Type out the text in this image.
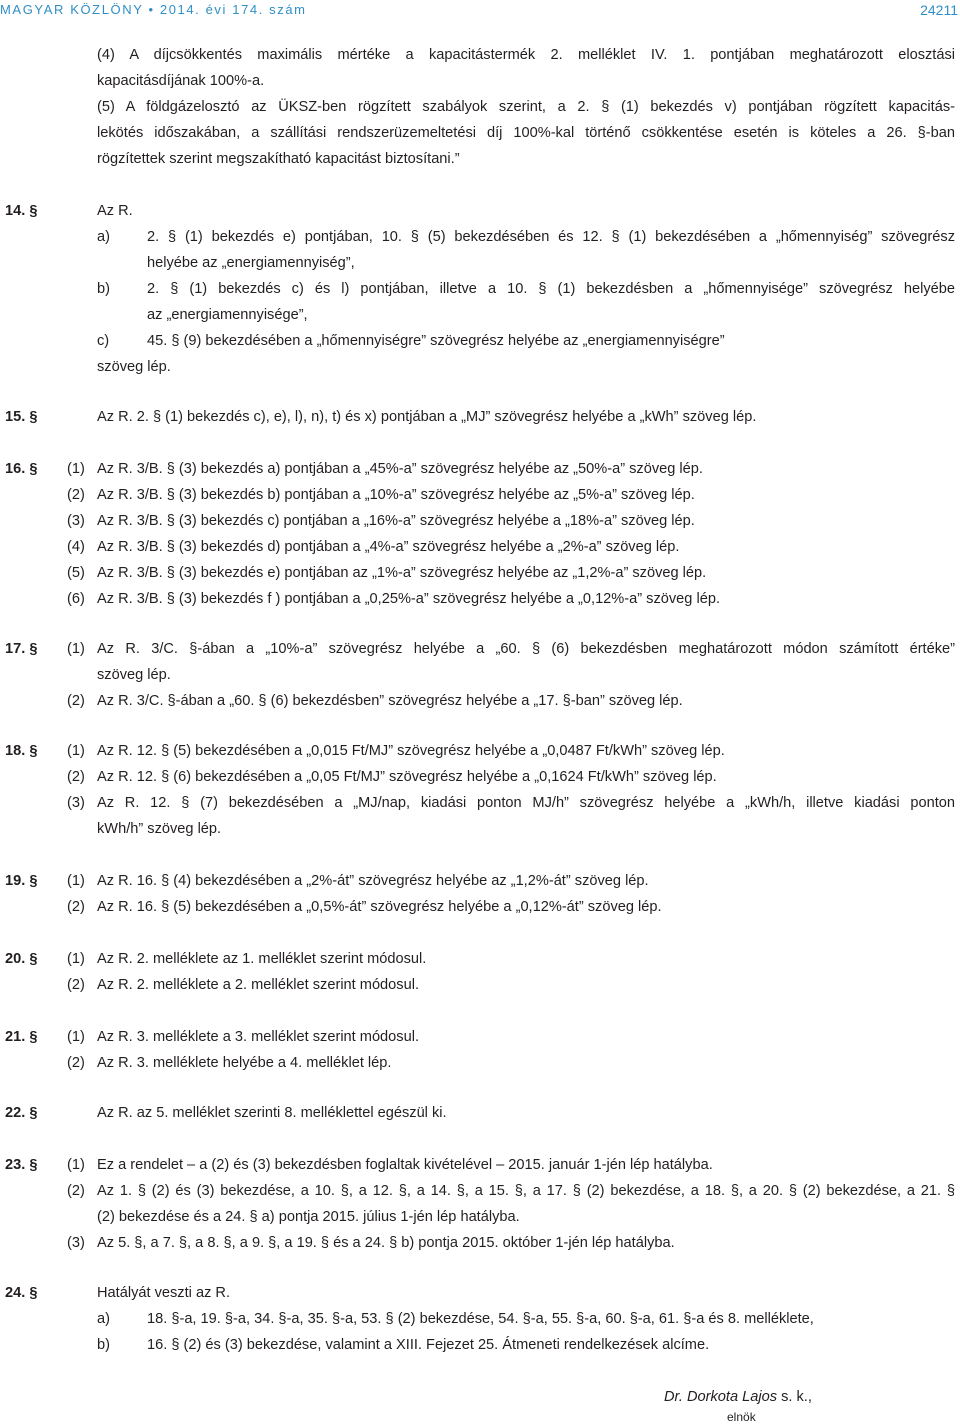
MAGYAR KÖZLÖNY • 2014. évi 174. szám	24211
(4) A díjcsökkentés maximális mértéke a kapacitástermék 2. melléklet IV. 1. pontjában meghatározott elosztási
kapacitásdíjának 100%-a.
(5) A földgázelosztó az ÜKSZ-ben rögzített szabályok szerint, a 2. § (1) bekezdés v) pontjában rögzített kapacitás-
lekötés időszakában, a szállítási rendszerüzemeltetési díj 100%-kal történő csökkentése esetén is köteles a 26. §-ban
rögzítettek szerint megszakítható kapacitást biztosítani.”
14. §	Az R.
a)	2. § (1) bekezdés e) pontjában, 10. § (5) bekezdésében és 12. § (1) bekezdésében a „hőmennyiség” szövegrész
helyébe az „energiamennyiség”,
b)	2. § (1) bekezdés c) és l) pontjában, illetve a 10. § (1) bekezdésben a „hőmennyisége” szövegrész helyébe
az „energiamennyisége”,
c)	45. § (9) bekezdésében a „hőmennyiségre” szövegrész helyébe az „energiamennyiségre”
szöveg lép.
15. §	Az R. 2. § (1) bekezdés c), e), l), n), t) és x) pontjában a „MJ” szövegrész helyébe a „kWh” szöveg lép.
16. § (1) Az R. 3/B. § (3) bekezdés a) pontjában a „45%-a” szövegrész helyébe az „50%-a” szöveg lép.
(2) Az R. 3/B. § (3) bekezdés b) pontjában a „10%-a” szövegrész helyébe az „5%-a” szöveg lép.
(3) Az R. 3/B. § (3) bekezdés c) pontjában a „16%-a” szövegrész helyébe a „18%-a” szöveg lép.
(4) Az R. 3/B. § (3) bekezdés d) pontjában a „4%-a” szövegrész helyébe a „2%-a” szöveg lép.
(5) Az R. 3/B. § (3) bekezdés e) pontjában az „1%-a” szövegrész helyébe az „1,2%-a” szöveg lép.
(6) Az R. 3/B. § (3) bekezdés f ) pontjában a „0,25%-a” szövegrész helyébe a „0,12%-a” szöveg lép.
17. § (1) Az R. 3/C. §-ában a „10%-a” szövegrész helyébe a „60. § (6) bekezdésben meghatározott módon számított értéke”
szöveg lép.
(2) Az R. 3/C. §-ában a „60. § (6) bekezdésben” szövegrész helyébe a „17. §-ban” szöveg lép.
18. § (1) Az R. 12. § (5) bekezdésében a „0,015 Ft/MJ” szövegrész helyébe a „0,0487 Ft/kWh” szöveg lép.
(2) Az R. 12. § (6) bekezdésében a „0,05 Ft/MJ” szövegrész helyébe a „0,1624 Ft/kWh” szöveg lép.
(3) Az R. 12. § (7) bekezdésében a „MJ/nap, kiadási ponton MJ/h” szövegrész helyébe a „kWh/h, illetve kiadási ponton
kWh/h” szöveg lép.
19. § (1) Az R. 16. § (4) bekezdésében a „2%-át” szövegrész helyébe az „1,2%-át” szöveg lép.
(2) Az R. 16. § (5) bekezdésében a „0,5%-át” szövegrész helyébe a „0,12%-át” szöveg lép.
20. § (1) Az R. 2. melléklete az 1. melléklet szerint módosul.
(2) Az R. 2. melléklete a 2. melléklet szerint módosul.
21. § (1) Az R. 3. melléklete a 3. melléklet szerint módosul.
(2) Az R. 3. melléklete helyébe a 4. melléklet lép.
22. §	Az R. az 5. melléklet szerinti 8. melléklettel egészül ki.
23. § (1) Ez a rendelet – a (2) és (3) bekezdésben foglaltak kivételével – 2015. január 1-jén lép hatályba.
(2) Az 1. § (2) és (3) bekezdése, a 10. §, a 12. §, a 14. §, a 15. §, a 17. § (2) bekezdése, a 18. §, a 20. § (2) bekezdése, a 21. §
(2) bekezdése és a 24. § a) pontja 2015. július 1-jén lép hatályba.
(3) Az 5. §, a 7. §, a 8. §, a 9. §, a 19. § és a 24. § b) pontja 2015. október 1-jén lép hatályba.
24. §	Hatályát veszti az R.
a)	18. §-a, 19. §-a, 34. §-a, 35. §-a, 53. § (2) bekezdése, 54. §-a, 55. §-a, 60. §-a, 61. §-a és 8. melléklete,
b)	16. § (2) és (3) bekezdése, valamint a XIII. Fejezet 25. Átmeneti rendelkezések alcíme.
Dr. Dorkota Lajos s. k.,
elnök
